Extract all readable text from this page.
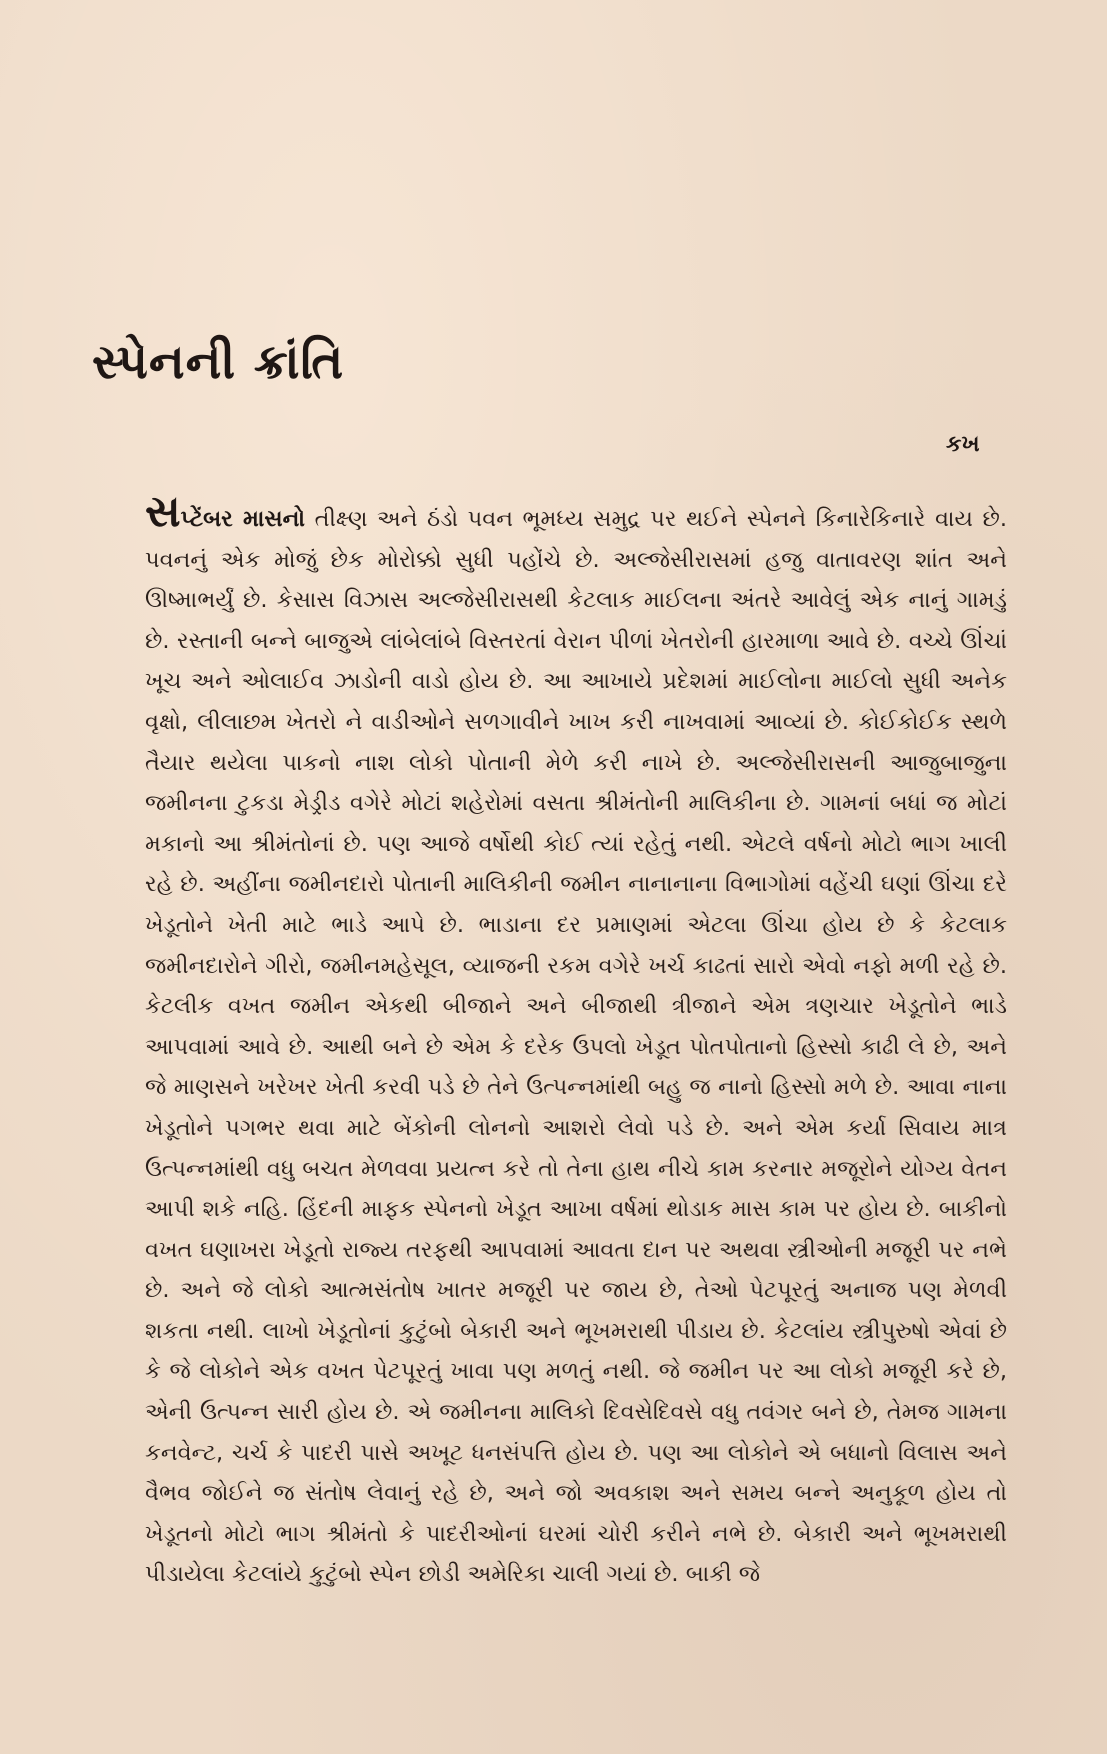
સ્પેનની ક્રાંતિ
કખ

સપ્ટેંબર માસનો તીક્ષ્ણ અને ઠંડો પવન ભૂમધ્ય સમુદ્ર પર થઈને સ્પેનને કિનારેકિનારે વાય છે. પવનનું એક મોજું છેક મોરોક્કો સુધી પહોંચે છે. અલ્જેસીરાસમાં હજુ વાતાવરણ શાંત અને ઊષ્માભર્યું છે. કેસાસ વિઝાસ અલ્જેસીરાસથી કેટલાક માઈલના અંતરે આવેલું એક નાનું ગામડું છે. રસ્તાની બન્ને બાજુએ લાંબેલાંબે વિસ્તરતાં વેરાન પીળાં ખેતરોની હારમાળા આવે છે. વચ્ચે ઊંચાં ખૂચ અને ઓલાઈવ ઝાડોની વાડો હોય છે. આ આખાયે પ્રદેશમાં માઈલોના માઈલો સુધી અનેક વૃક્ષો, લીલાછમ ખેતરો ને વાડીઓને સળગાવીને ખાખ કરી નાખવામાં આવ્યાં છે. કોઈકોઈક સ્થળે તૈયાર થયેલા પાકનો નાશ લોકો પોતાની મેળે કરી નાખે છે. અલ્જેસીરાસની આજુબાજુના જમીનના ટુકડા મેડ્રીડ વગેરે મોટાં શહેરોમાં વસતા શ્રીમંતોની માલિકીના છે. ગામનાં બધાં જ મોટાં મકાનો આ શ્રીમંતોનાં છે. પણ આજે વર્ષોથી કોઈ ત્યાં રહેતું નથી. એટલે વર્ષનો મોટો ભાગ ખાલી રહે છે. અહીંના જમીનદારો પોતાની માલિકીની જમીન નાનાનાના વિભાગોમાં વહેંચી ઘણાં ઊંચા દરે ખેડૂતોને ખેતી માટે ભાડે આપે છે. ભાડાના દર પ્રમાણમાં એટલા ઊંચા હોય છે કે કેટલાક જમીનદારોને ગીરો, જમીનમહેસૂલ, વ્યાજની રકમ વગેરે ખર્ચ કાઢતાં સારો એવો નફો મળી રહે છે. કેટલીક વખત જમીન એકથી બીજાને અને બીજાથી ત્રીજાને એમ ત્રણચાર ખેડૂતોને ભાડે આપવામાં આવે છે. આથી બને છે એમ કે દરેક ઉપલો ખેડૂત પોતપોતાનો હિસ્સો કાઢી લે છે, અને જે માણસને ખરેખર ખેતી કરવી પડે છે તેને ઉત્પન્નમાંથી બહુ જ નાનો હિસ્સો મળે છે. આવા નાના ખેડૂતોને પગભર થવા માટે બેંકોની લોનનો આશરો લેવો પડે છે. અને એમ કર્યા સિવાય માત્ર ઉત્પન્નમાંથી વધુ બચત મેળવવા પ્રયત્ન કરે તો તેના હાથ નીચે કામ કરનાર મજૂરોને યોગ્ય વેતન આપી શકે નહિ. હિંદની માફક સ્પેનનો ખેડૂત આખા વર્ષમાં થોડાક માસ કામ પર હોય છે. બાકીનો વખત ઘણાખરા ખેડૂતો રાજ્ય તરફથી આપવામાં આવતા દાન પર અથવા સ્ત્રીઓની મજૂરી પર નભે છે. અને જે લોકો આત્મસંતોષ ખાતર મજૂરી પર જાય છે, તેઓ પેટપૂરતું અનાજ પણ મેળવી શકતા નથી. લાખો ખેડૂતોનાં કુટુંબો બેકારી અને ભૂખમરાથી પીડાય છે. કેટલાંય સ્ત્રીપુરુષો એવાં છે કે જે લોકોને એક વખત પેટપૂરતું ખાવા પણ મળતું નથી. જે જમીન પર આ લોકો મજૂરી કરે છે, એની ઉત્પન્ન સારી હોય છે. એ જમીનના માલિકો દિવસેદિવસે વધુ તવંગર બને છે, તેમજ ગામના કનવેન્ટ, ચર્ચ કે પાદરી પાસે અખૂટ ધનસંપત્તિ હોય છે. પણ આ લોકોને એ બધાનો વિલાસ અને વૈભવ જોઈને જ સંતોષ લેવાનું રહે છે, અને જો અવકાશ અને સમય બન્ને અનુકૂળ હોય તો ખેડૂતનો મોટો ભાગ શ્રીમંતો કે પાદરીઓનાં ઘરમાં ચોરી કરીને નભે છે. બેકારી અને ભૂખમરાથી પીડાયેલા કેટલાંયે કુટુંબો સ્પેન છોડી અમેરિકા ચાલી ગયાં છે. બાકી જે
